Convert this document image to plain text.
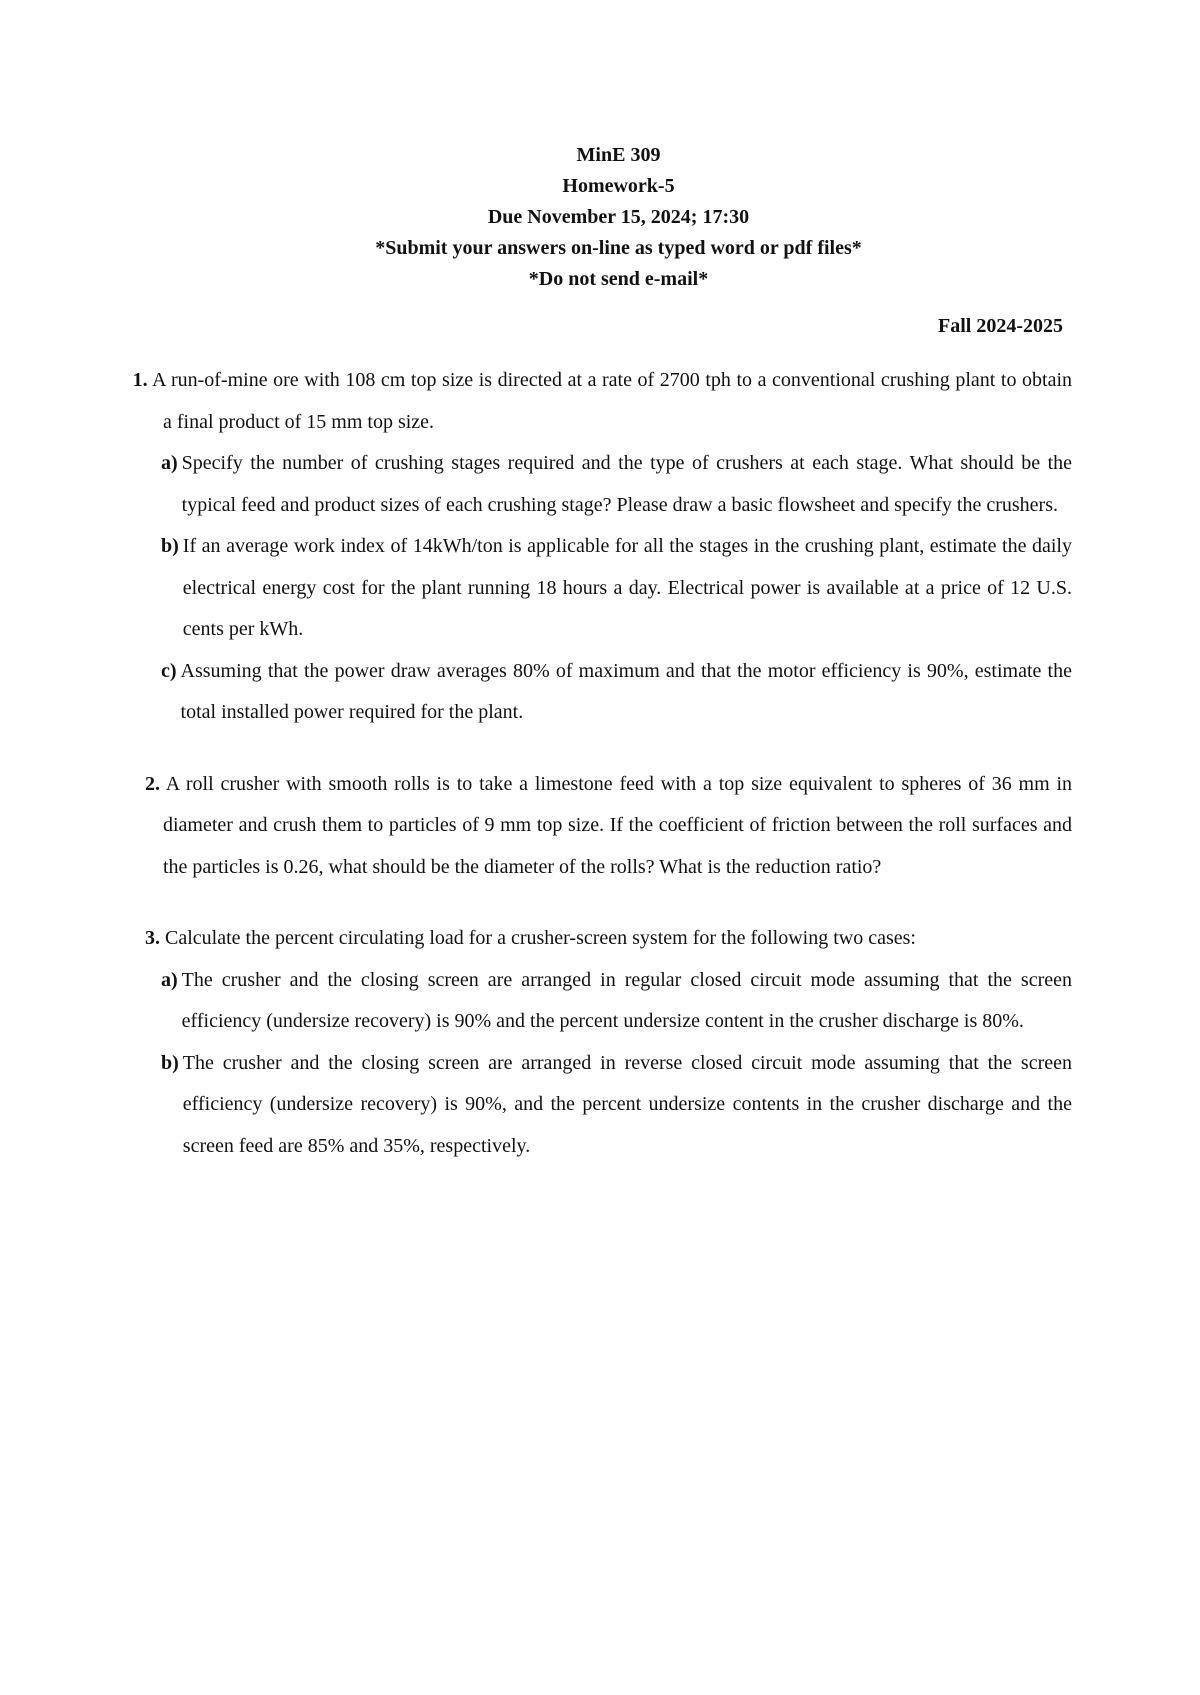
MinE 309
Homework-5
Due November 15, 2024; 17:30
*Submit your answers on-line as typed word or pdf files*
*Do not send e-mail*
Fall 2024-2025
1. A run-of-mine ore with 108 cm top size is directed at a rate of 2700 tph to a conventional crushing plant to obtain a final product of 15 mm top size.
a) Specify the number of crushing stages required and the type of crushers at each stage. What should be the typical feed and product sizes of each crushing stage? Please draw a basic flowsheet and specify the crushers.
b) If an average work index of 14kWh/ton is applicable for all the stages in the crushing plant, estimate the daily electrical energy cost for the plant running 18 hours a day. Electrical power is available at a price of 12 U.S. cents per kWh.
c) Assuming that the power draw averages 80% of maximum and that the motor efficiency is 90%, estimate the total installed power required for the plant.
2. A roll crusher with smooth rolls is to take a limestone feed with a top size equivalent to spheres of 36 mm in diameter and crush them to particles of 9 mm top size. If the coefficient of friction between the roll surfaces and the particles is 0.26, what should be the diameter of the rolls? What is the reduction ratio?
3. Calculate the percent circulating load for a crusher-screen system for the following two cases:
a) The crusher and the closing screen are arranged in regular closed circuit mode assuming that the screen efficiency (undersize recovery) is 90% and the percent undersize content in the crusher discharge is 80%.
b) The crusher and the closing screen are arranged in reverse closed circuit mode assuming that the screen efficiency (undersize recovery) is 90%, and the percent undersize contents in the crusher discharge and the screen feed are 85% and 35%, respectively.
